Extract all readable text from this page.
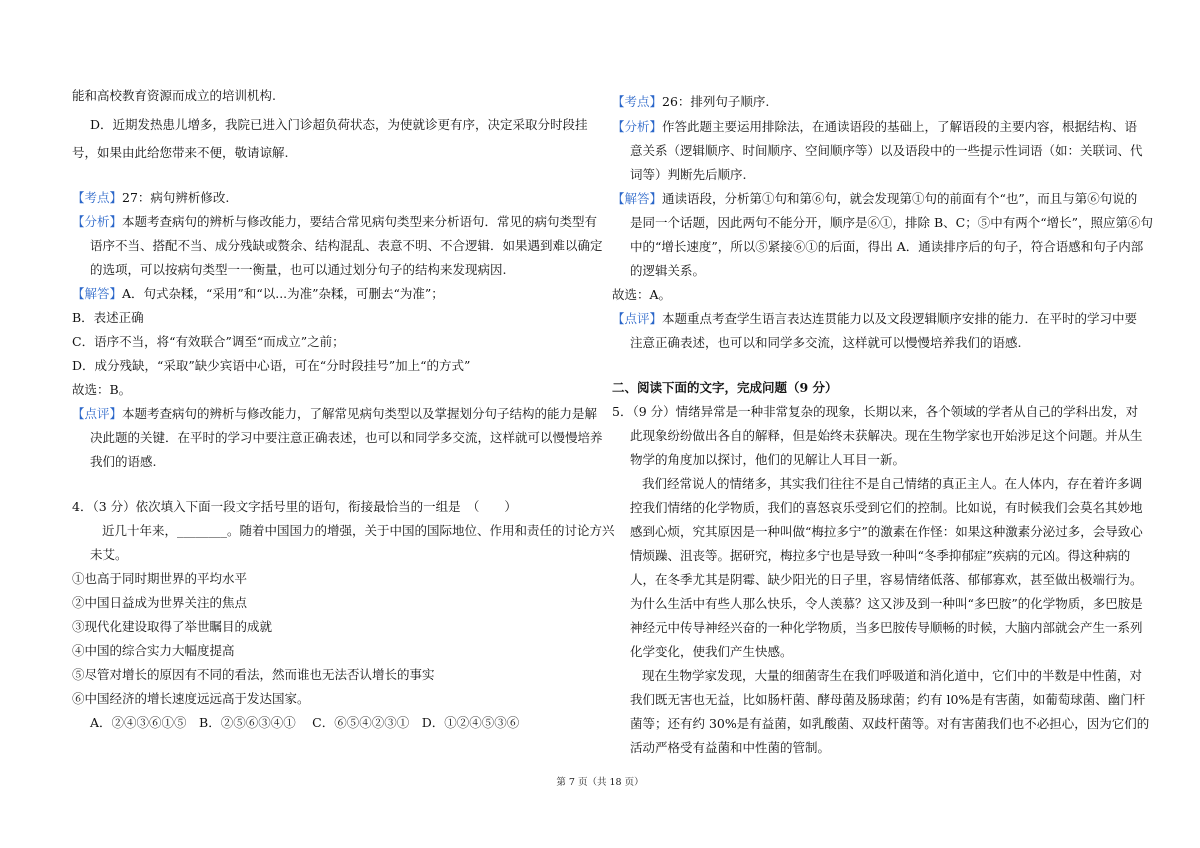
能和高校教育资源而成立的培训机构.
D．近期发热患儿增多，我院已进入门诊超负荷状态，为使就诊更有序，决定采取分时段挂
号，如果由此给您带来不便，敬请谅解.
【考点】27：病句辨析修改.
【分析】本题考查病句的辨析与修改能力，要结合常见病句类型来分析语句．常见的病句类型有
语序不当、搭配不当、成分残缺或赘余、结构混乱、表意不明、不合逻辑．如果遇到难以确定
的选项，可以按病句类型一一衡量，也可以通过划分句子的结构来发现病因.
【解答】A．句式杂糅，“采用”和“以...为准”杂糅，可删去“为准”；
B．表述正确
C．语序不当，将“有效联合”调至“而成立”之前；
D．成分残缺，“采取”缺少宾语中心语，可在“分时段挂号”加上“的方式”
故选：B。
【点评】本题考查病句的辨析与修改能力，了解常见病句类型以及掌握划分句子结构的能力是解
决此题的关键．在平时的学习中要注意正确表述，也可以和同学多交流，这样就可以慢慢培养
我们的语感.
4．（3 分）依次填入下面一段文字括号里的语句，衔接最恰当的一组是　（　　）
近几十年来，________。随着中国国力的增强，关于中国的国际地位、作用和责任的讨论方兴
未艾。
①也高于同时期世界的平均水平
②中国日益成为世界关注的焦点
③现代化建设取得了举世瞩目的成就
④中国的综合实力大幅度提高
⑤尽管对增长的原因有不同的看法，然而谁也无法否认增长的事实
⑥中国经济的增长速度远远高于发达国家。
A．②④③⑥①⑤　B．②⑤⑥③④①　 C．⑥⑤④②③①　D．①②④⑤③⑥
【考点】26：排列句子顺序.
【分析】作答此题主要运用排除法，在通读语段的基础上，了解语段的主要内容，根据结构、语
意关系（逻辑顺序、时间顺序、空间顺序等）以及语段中的一些提示性词语（如：关联词、代
词等）判断先后顺序.
【解答】通读语段，分析第①句和第⑥句，就会发现第①句的前面有个“也”，而且与第⑥句说的
是同一个话题，因此两句不能分开，顺序是⑥①，排除 B、C；⑤中有两个“增长”，照应第⑥句
中的“增长速度”，所以⑤紧接⑥①的后面，得出 A．通读排序后的句子，符合语感和句子内部
的逻辑关系。
故选：A。
【点评】本题重点考查学生语言表达连贯能力以及文段逻辑顺序安排的能力．在平时的学习中要
注意正确表述，也可以和同学多交流，这样就可以慢慢培养我们的语感.
二、阅读下面的文字，完成问题（9 分）
5．（9 分）情绪异常是一种非常复杂的现象，长期以来，各个领域的学者从自己的学科出发，对
此现象纷纷做出各自的解释，但是始终未获解决。现在生物学家也开始涉足这个问题。并从生
物学的角度加以探讨，他们的见解让人耳目一新。
我们经常说人的情绪多，其实我们往往不是自己情绪的真正主人。在人体内，存在着许多调
控我们情绪的化学物质，我们的喜怒哀乐受到它们的控制。比如说，有时候我们会莫名其妙地
感到心烦，究其原因是一种叫做“梅拉多宁”的激素在作怪：如果这种激素分泌过多，会导致心
情烦躁、沮丧等。据研究，梅拉多宁也是导致一种叫“冬季抑郁症”疾病的元凶。得这种病的
人，在冬季尤其是阴霉、缺少阳光的日子里，容易情绪低落、郁郁寡欢，甚至做出极端行为。
为什么生活中有些人那么快乐，令人羡慕？这又涉及到一种叫“多巴胺”的化学物质，多巴胺是
神经元中传导神经兴奋的一种化学物质，当多巴胺传导顺畅的时候，大脑内部就会产生一系列
化学变化，使我们产生快感。
现在生物学家发现，大量的细菌寄生在我们呼吸道和消化道中，它们中的半数是中性菌，对
我们既无害也无益，比如肠杆菌、酵母菌及肠球菌；约有 l0%是有害菌，如葡萄球菌、幽门杆
菌等；还有约 30%是有益菌，如乳酸菌、双歧杆菌等。对有害菌我们也不必担心，因为它们的
活动严格受有益菌和中性菌的管制。
第 7 页（共 18 页）
